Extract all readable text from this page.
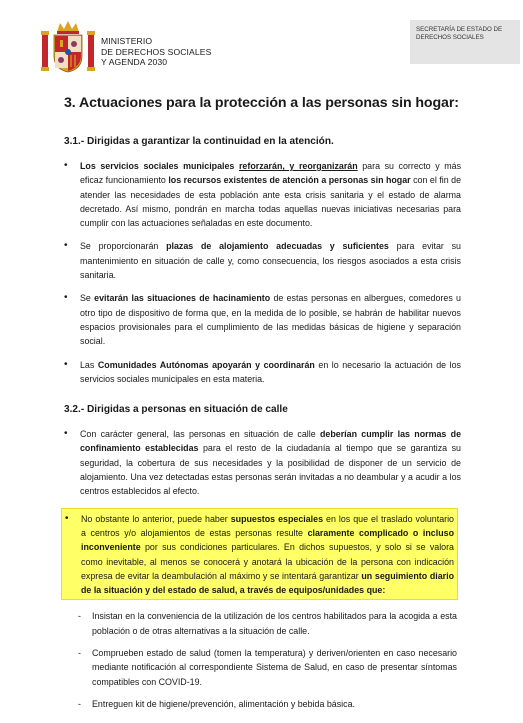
MINISTERIO
DE DERECHOS SOCIALES
Y AGENDA 2030
SECRETARÍA DE ESTADO DE
DERECHOS SOCIALES
3. Actuaciones para la protección a las personas sin hogar:
3.1.- Dirigidas a garantizar la continuidad en la atención.
• Los servicios sociales municipales reforzarán, y reorganizarán para su correcto y más eficaz funcionamiento los recursos existentes de atención a personas sin hogar con el fin de atender las necesidades de esta población ante esta crisis sanitaria y el estado de alarma decretado. Así mismo, pondrán en marcha todas aquellas nuevas iniciativas necesarias para cumplir con las actuaciones señaladas en este documento.
• Se proporcionarán plazas de alojamiento adecuadas y suficientes para evitar su mantenimiento en situación de calle y, como consecuencia, los riesgos asociados a esta crisis sanitaria.
• Se evitarán las situaciones de hacinamiento de estas personas en albergues, comedores u otro tipo de dispositivo de forma que, en la medida de lo posible, se habrán de habilitar nuevos espacios provisionales para el cumplimiento de las medidas básicas de higiene y separación social.
• Las Comunidades Autónomas apoyarán y coordinarán en lo necesario la actuación de los servicios sociales municipales en esta materia.
3.2.- Dirigidas a personas en situación de calle
• Con carácter general, las personas en situación de calle deberían cumplir las normas de confinamiento establecidas para el resto de la ciudadanía al tiempo que se garantiza su seguridad, la cobertura de sus necesidades y la posibilidad de disponer de un servicio de alojamiento. Una vez detectadas estas personas serán invitadas a no deambular y a acudir a los centros establecidos al efecto.
• No obstante lo anterior, puede haber supuestos especiales en los que el traslado voluntario a centros y/o alojamientos de estas personas resulte claramente complicado o incluso inconveniente por sus condiciones particulares. En dichos supuestos, y solo si se valora como inevitable, al menos se conocerá y anotará la ubicación de la persona con indicación expresa de evitar la deambulación al máximo y se intentará garantizar un seguimiento diario de la situación y del estado de salud, a través de equipos/unidades que:
- Insistan en la conveniencia de la utilización de los centros habilitados para la acogida a esta población o de otras alternativas a la situación de calle.
- Comprueben estado de salud (tomen la temperatura) y deriven/orienten en caso necesario mediante notificación al correspondiente Sistema de Salud, en caso de presentar síntomas compatibles con COVID-19.
- Entreguen kit de higiene/prevención, alimentación y bebida básica.
